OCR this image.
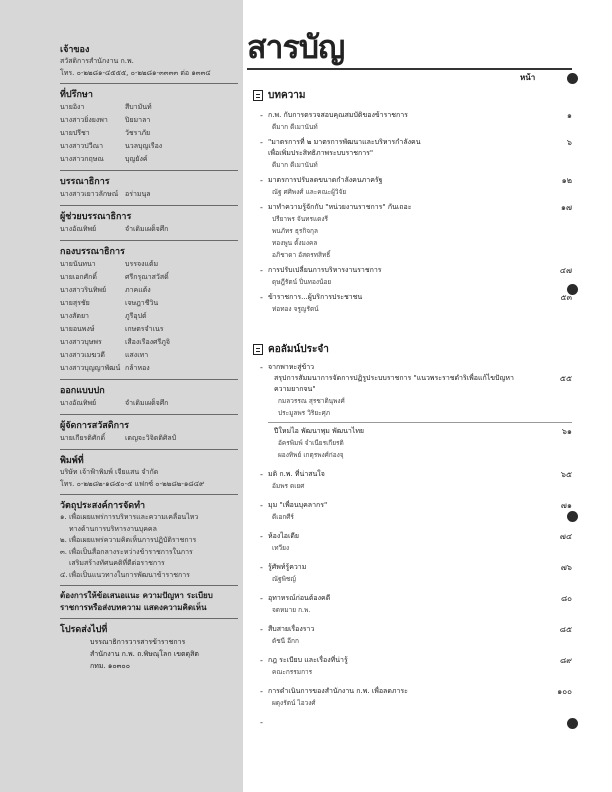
เจ้าของ
สวัสดิการสำนักงาน ก.พ.
โทร. ๐-๒๒๘๑-๔๕๕๕, ๐-๒๒๘๑-๓๓๓๓ ต่อ ๑๓๓๔
ที่ปรึกษา
นายอิงา	สีบามันท์
นางสาวยิ่งยงพา	ปิยมาลา
นายปรีชา	วัชราภัย
นางสาวปวีณา	นวลบุญเรือง
นางสาวกฤษณ	บุญยังค์
บรรณาธิการ
นางสาวเยาวลักษณ์ อร่ามนุล
ผู้ช่วยบรรณาธิการ
นางอัณทิพย์	จำเดิมเผด็จศึก
กองบรรณาธิการ
นายนันทนา	บรรจงแต้ม
นายเอกศักดิ์	ศรีกรุณาสวัสดิ์
นางสาวรินทิพย์	ภาคแต้ง
นายสุรชัย	เจษฎาชีวิน
นางสัตยา	ภูรีอุปต์
นายอนพงษ์	เกษตรจำเนร
นางสาวบุษพร	เสืองเรืองศรีภูจิ
นางสาวเมฆวดี	แสงเทา
นางสาวบุญญาพัฒน์ กล้าหอง
ออกแบบปก
นางอัณทิพย์	จำเดิมเผด็จศึก
ผู้จัดการสวัสดิการ
นายเกียรติศักดิ์	เตญจะวิจิตติศิลป์
พิมพ์ที่
บริษัท เจ้าฟ้าพิมพ์ เจียแสน จำกัด
โทร. ๐-๒๒๘๒-๑๘๕๐-๕ แฟกซ์ ๐-๒๒๘๒-๑๘๔๙
วัตถุประสงค์การจัดทำ
๑. เพื่อเผยแพร่การบริหารและความเคลื่อนไหว
ทางด้านการบริหารงานบุคคล
๒. เพื่อเผยแพร่ความคิดเห็นการปฏิบัติราชการ
๓. เพื่อเป็นสื่อกลางระหว่างข้าราชการในการ
เสริมสร้างทัศนคติที่ดีต่อราชการ
๔. เพื่อเป็นแนวทางในการพัฒนาข้าราชการ
ต้องการให้ข้อเสนอแนะ ความปัญหา ระเบียบ
ราชการหรือส่งบทความ แสดงความคิดเห็น
โปรดส่งไปที่
บรรณาธิการวารสารข้าราชการ
สำนักงาน ก.พ. ถ.พิษณุโลก เขตดุสิต
กทม. ๑๐๓๐๐
สารบัญ
หน้า
บทความ
- ก.พ. กับการตรวจสอบคุณสมบัติของข้าราชการ	๑
ดีมาก ดีเมานันท์
- "มาตรการที่ ๒ มาตรการพัฒนาและบริหารกำลังคน
เพื่อเพิ่มประสิทธิภาพระบบราชการ"
๖
ดีมาก ดีเมานันท์
- มาตรการปรับลดขนาดกำลังคนภาครัฐ	๑๒
ณัฐ ศศิพงศ์ และคณะผู้วิจัย
- มาทำความรู้จักกับ "หน่วยงานราชการ" กันเถอะ	๑๗
ปรียาพร จันทรแดงรี
พนภัทร ธุรกิจกุล
ทองพูน ตั้งมงคล
อภิชาดา อัสดรทสิทธิ์
- การปรับเปลี่ยนการบริหารงานราชการ	๔๗
ดุษฎีรัตน์ ปิ่นทองน้อย
- ข้าราชการ...ผู้บริการประชาชน	๕๓
ห่อทอง จรูญรัตน์
คอลัมน์ประจำ
- จากพาหะสู่ข้าว
สรุปการสัมมนาการจัดการปฏิรูประบบราชการ "แนวพระราชดำริเพื่อแก้ไขปัญหาความยากจน"
๕๕
กมลวรรณ สุรชาตินุพงศ์
ประมูลพร วิริยะศุภ
ปีใหม่ไอ พัฒนาพุม พัฒนาไทย	๖๑
อัครพิมพ์ จำเนียรเกียรติ
ผองทิพย์ เกตุรพงศ์ก่องจุ
- มติ ก.พ. ที่น่าสนใจ	๖๕
อัมพร ดเยศ
- มุม "เพื่อนบุคลากร"	๗๑
ดีเอกศีร์
- ห้องไอเดีย	๗๔
เทวียง
- รู้ศัพท์รู้ความ	๗๖
ณัฐพิชญ์
- อุทาหรณ์ก่อนต้องคดี	๘๐
จดหมาย ก.พ.
- สืบสายเรื่องราว	๘๕
ดัชนี อีกก
- กฎ ระเบียบ และเรื่องที่น่ารู้	๘๙
คณะกรรมการ
- การดำเนินการของสำนักงาน ก.พ. เพื่อลดภาระ	๑๐๐
ผดุงรัตน์ ไอวงศ์
-
